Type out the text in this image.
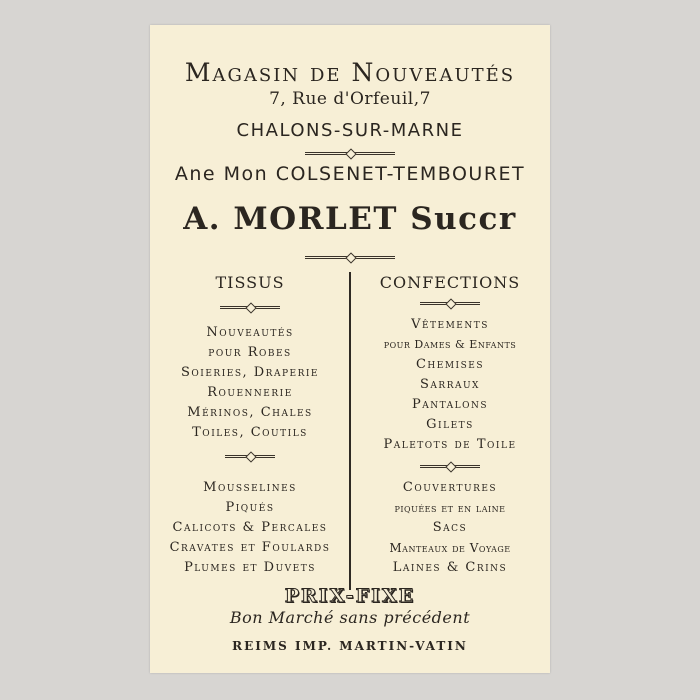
Magasin de Nouveautés
7, Rue d'Orfeuil,7
CHALONS-SUR-MARNE
Ane Mon COLSENET-TEMBOURET
A. MORLET Succr
TISSUS
Nouveautés
pour Robes
Soieries, Draperie
Rouennerie
Mérinos, Chales
Toiles, Coutils
Mousselines
Piqués
Calicots & Percales
Cravates et Foulards
Plumes et Duvets
CONFECTIONS
Vêtements
pour Dames & Enfants
Chemises
Sarraux
Pantalons
Gilets
Paletots de Toile
Couvertures
piquées et en laine
Sacs
Manteaux de Voyage
Laines & Crins
PRIX-FIXE
Bon Marché sans précédent
REIMS IMP. MARTIN-VATIN
